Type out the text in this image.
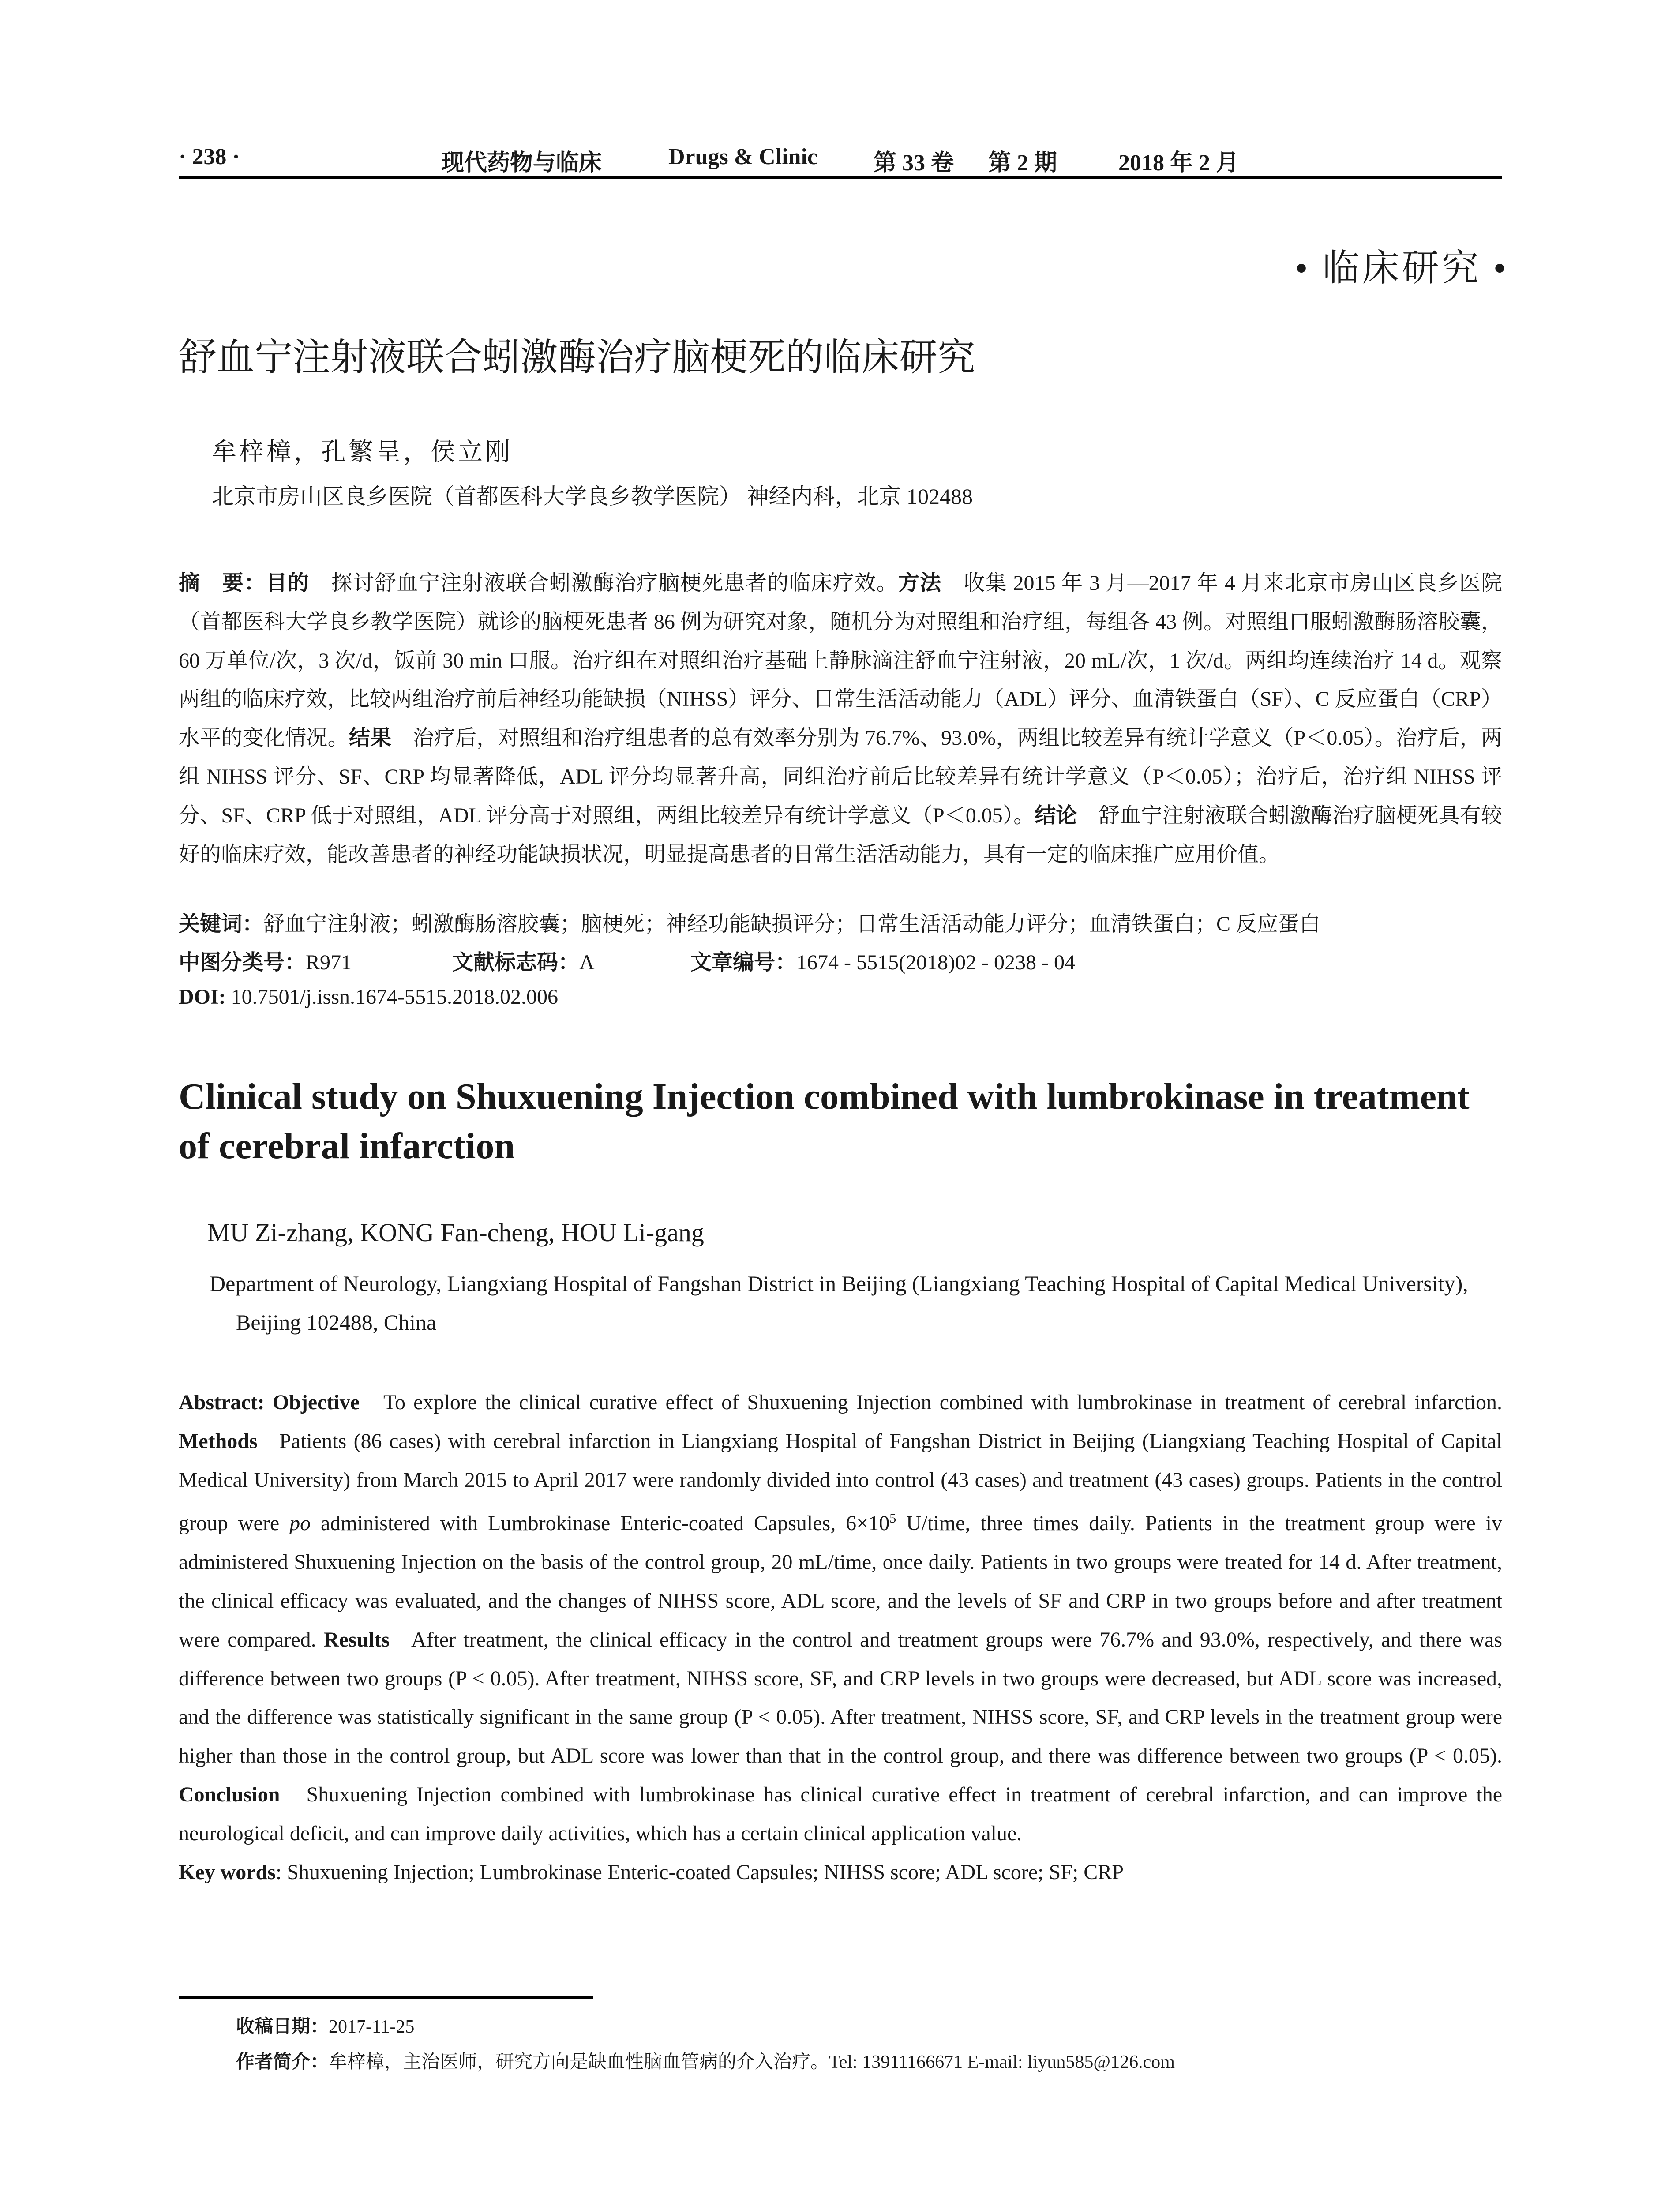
· 238 ·	现代药物与临床	Drugs & Clinic 第 33 卷 第 2 期	2018 年 2 月
• 临床研究 •
舒血宁注射液联合蚓激酶治疗脑梗死的临床研究
牟梓樟，孔繁呈，侯立刚
北京市房山区良乡医院（首都医科大学良乡教学医院） 神经内科，北京 102488
摘　要：目的　 探讨舒血宁注射液联合蚓激酶治疗脑梗死患者的临床疗效。方法　 收集 2015 年 3 月—2017 年 4 月来北京市房山区良乡医院（首都医科大学良乡教学医院）就诊的脑梗死患者 86 例为研究对象，随机分为对照组和治疗组，每组各 43 例。对照组口服蚓激酶肠溶胶囊，60 万单位/次，3 次/d，饭前 30 min 口服。治疗组在对照组治疗基础上静脉滴注舒血宁注射液，20 mL/次，1 次/d。两组均连续治疗 14 d。观察两组的临床疗效，比较两组治疗前后神经功能缺损（NIHSS）评分、日常生活活动能力（ADL）评分、血清铁蛋白（SF）、C 反应蛋白（CRP）水平的变化情况。结果　 治疗后，对照组和治疗组患者的总有效率分别为 76.7%、93.0%，两组比较差异有统计学意义（P＜0.05）。治疗后，两组 NIHSS 评分、SF、CRP 均显著降低，ADL 评分均显著升高，同组治疗前后比较差异有统计学意义（P＜0.05）；治疗后，治疗组 NIHSS 评分、SF、CRP 低于对照组，ADL 评分高于对照组，两组比较差异有统计学意义（P＜0.05）。结论　 舒血宁注射液联合蚓激酶治疗脑梗死具有较好的临床疗效，能改善患者的神经功能缺损状况，明显提高患者的日常生活活动能力，具有一定的临床推广应用价值。
关键词：舒血宁注射液；蚓激酶肠溶胶囊；脑梗死；神经功能缺损评分；日常生活活动能力评分；血清铁蛋白；C 反应蛋白
中图分类号：R971	文献标志码：A	文章编号：1674 - 5515(2018)02 - 0238 - 04
DOI: 10.7501/j.issn.1674-5515.2018.02.006
Clinical study on Shuxuening Injection combined with lumbrokinase in treatment of cerebral infarction
MU Zi-zhang, KONG Fan-cheng, HOU Li-gang
Department of Neurology, Liangxiang Hospital of Fangshan District in Beijing (Liangxiang Teaching Hospital of Capital Medical University), Beijing 102488, China
Abstract: Objective To explore the clinical curative effect of Shuxuening Injection combined with lumbrokinase in treatment of cerebral infarction. Methods Patients (86 cases) with cerebral infarction in Liangxiang Hospital of Fangshan District in Beijing (Liangxiang Teaching Hospital of Capital Medical University) from March 2015 to April 2017 were randomly divided into control (43 cases) and treatment (43 cases) groups. Patients in the control group were po administered with Lumbrokinase Enteric-coated Capsules, $6\times 10^5$ U/time, three times daily. Patients in the treatment group were iv administered Shuxuening Injection on the basis of the control group, 20 mL/time, once daily. Patients in two groups were treated for 14 d. After treatment, the clinical efficacy was evaluated, and the changes of NIHSS score, ADL score, and the levels of SF and CRP in two groups before and after treatment were compared. Results After treatment, the clinical efficacy in the control and treatment groups were 76.7% and 93.0%, respectively, and there was difference between two groups (P < 0.05). After treatment, NIHSS score, SF, and CRP levels in two groups were decreased, but ADL score was increased, and the difference was statistically significant in the same group (P < 0.05). After treatment, NIHSS score, SF, and CRP levels in the treatment group were higher than those in the control group, but ADL score was lower than that in the control group, and there was difference between two groups (P < 0.05). Conclusion Shuxuening Injection combined with lumbrokinase has clinical curative effect in treatment of cerebral infarction, and can improve the neurological deficit, and can improve daily activities, which has a certain clinical application value.
Key words: Shuxuening Injection; Lumbrokinase Enteric-coated Capsules; NIHSS score; ADL score; SF; CRP
收稿日期：2017-11-25
作者简介：牟梓樟，主治医师，研究方向是缺血性脑血管病的介入治疗。Tel: 13911166671 E-mail: liyun585@126.com
